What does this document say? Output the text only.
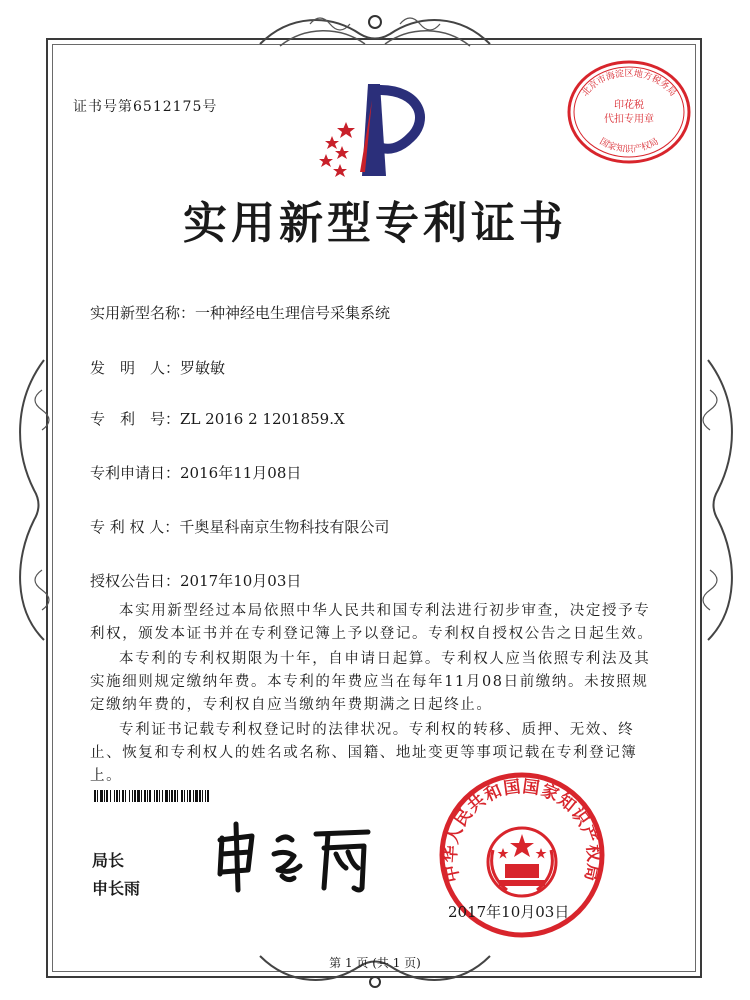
证书号第6512175号
北京市海淀区地方税务局
印花税
代扣专用章
国家知识产权局
实用新型专利证书
实用新型名称：一种神经电生理信号采集系统
发　明　人：罗敏敏
专　利　号：ZL 2016 2 1201859.X
专利申请日：2016年11月08日
专 利 权 人：千奥星科南京生物科技有限公司
授权公告日：2017年10月03日

本实用新型经过本局依照中华人民共和国专利法进行初步审查，决定授予专利权，颁发本证书并在专利登记簿上予以登记。专利权自授权公告之日起生效。

本专利的专利权期限为十年，自申请日起算。专利权人应当依照专利法及其实施细则规定缴纳年费。本专利的年费应当在每年11月08日前缴纳。未按照规定缴纳年费的，专利权自应当缴纳年费期满之日起终止。

专利证书记载专利权登记时的法律状况。专利权的转移、质押、无效、终止、恢复和专利权人的姓名或名称、国籍、地址变更等事项记载在专利登记簿上。

局长
申长雨
中华人民共和国国家知识产权局
2017年10月03日
第 1 页 (共 1 页)
